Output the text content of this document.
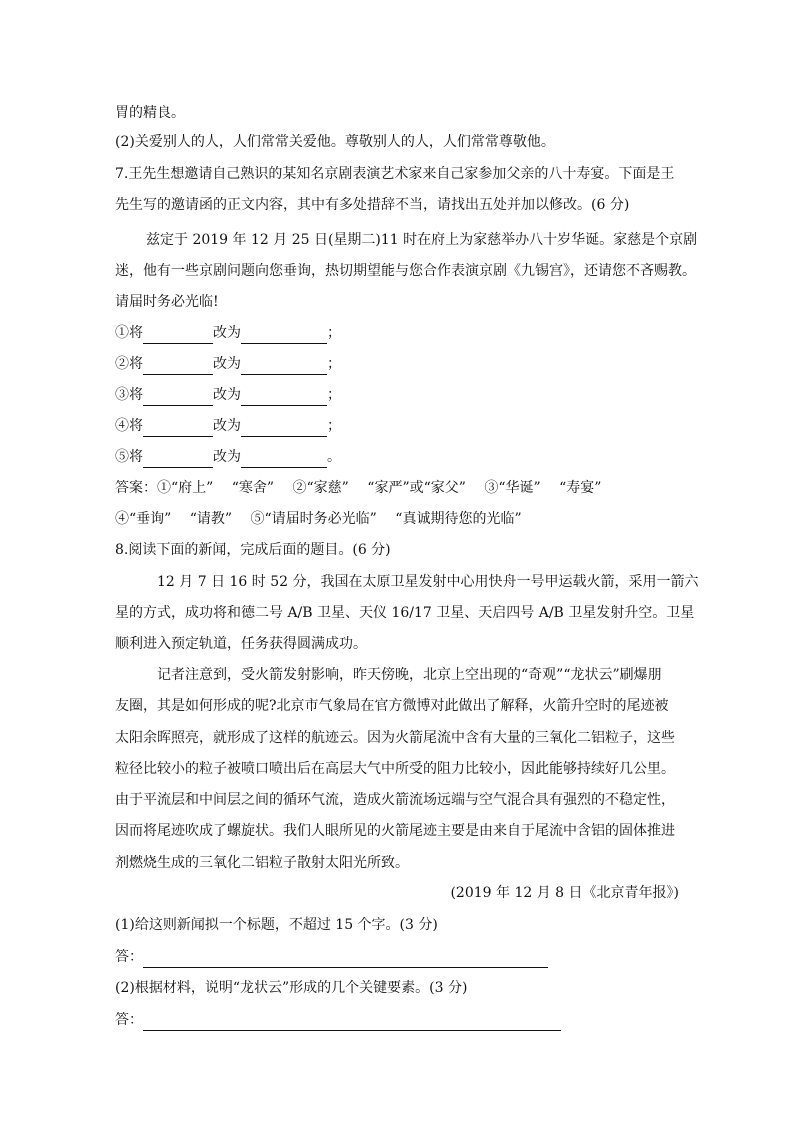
胃的精良。
(2)关爱别人的人，人们常常关爱他。尊敬别人的人，人们常常尊敬他。
7.王先生想邀请自己熟识的某知名京剧表演艺术家来自己家参加父亲的八十寿宴。下面是王
先生写的邀请函的正文内容，其中有多处措辞不当，请找出五处并加以修改。(6 分)
兹定于 2019 年 12 月 25 日(星期二)11 时在府上为家慈举办八十岁华诞。家慈是个京剧
迷，他有一些京剧问题向您垂询，热切期望能与您合作表演京剧《九锡宫》，还请您不吝赐教。
请届时务必光临!
①将	改为	；
②将	改为	；
③将	改为	；
④将	改为	；
⑤将	改为	。
答案：①“府上”　 “寒舍”　 ②“家慈”　 “家严”或“家父”　 ③“华诞”　 “寿宴”
④“垂询”　 “请教”　 ⑤“请届时务必光临”　 “真诚期待您的光临”
8.阅读下面的新闻，完成后面的题目。(6 分)
12 月 7 日 16 时 52 分，我国在太原卫星发射中心用快舟一号甲运载火箭，采用一箭六
星的方式，成功将和德二号 A/B 卫星、天仪 16/17 卫星、天启四号 A/B 卫星发射升空。卫星
顺利进入预定轨道，任务获得圆满成功。
记者注意到，受火箭发射影响，昨天傍晚，北京上空出现的“奇观”“龙状云”刷爆朋
友圈，其是如何形成的呢?北京市气象局在官方微博对此做出了解释，火箭升空时的尾迹被
太阳余晖照亮，就形成了这样的航迹云。因为火箭尾流中含有大量的三氧化二铝粒子，这些
粒径比较小的粒子被喷口喷出后在高层大气中所受的阻力比较小，因此能够持续好几公里。
由于平流层和中间层之间的循环气流，造成火箭流场远端与空气混合具有强烈的不稳定性，
因而将尾迹吹成了螺旋状。我们人眼所见的火箭尾迹主要是由来自于尾流中含铝的固体推进
剂燃烧生成的三氧化二铝粒子散射太阳光所致。
(2019 年 12 月 8 日《北京青年报》)
(1)给这则新闻拟一个标题，不超过 15 个字。(3 分)
答：
(2)根据材料，说明“龙状云”形成的几个关键要素。(3 分)
答：
